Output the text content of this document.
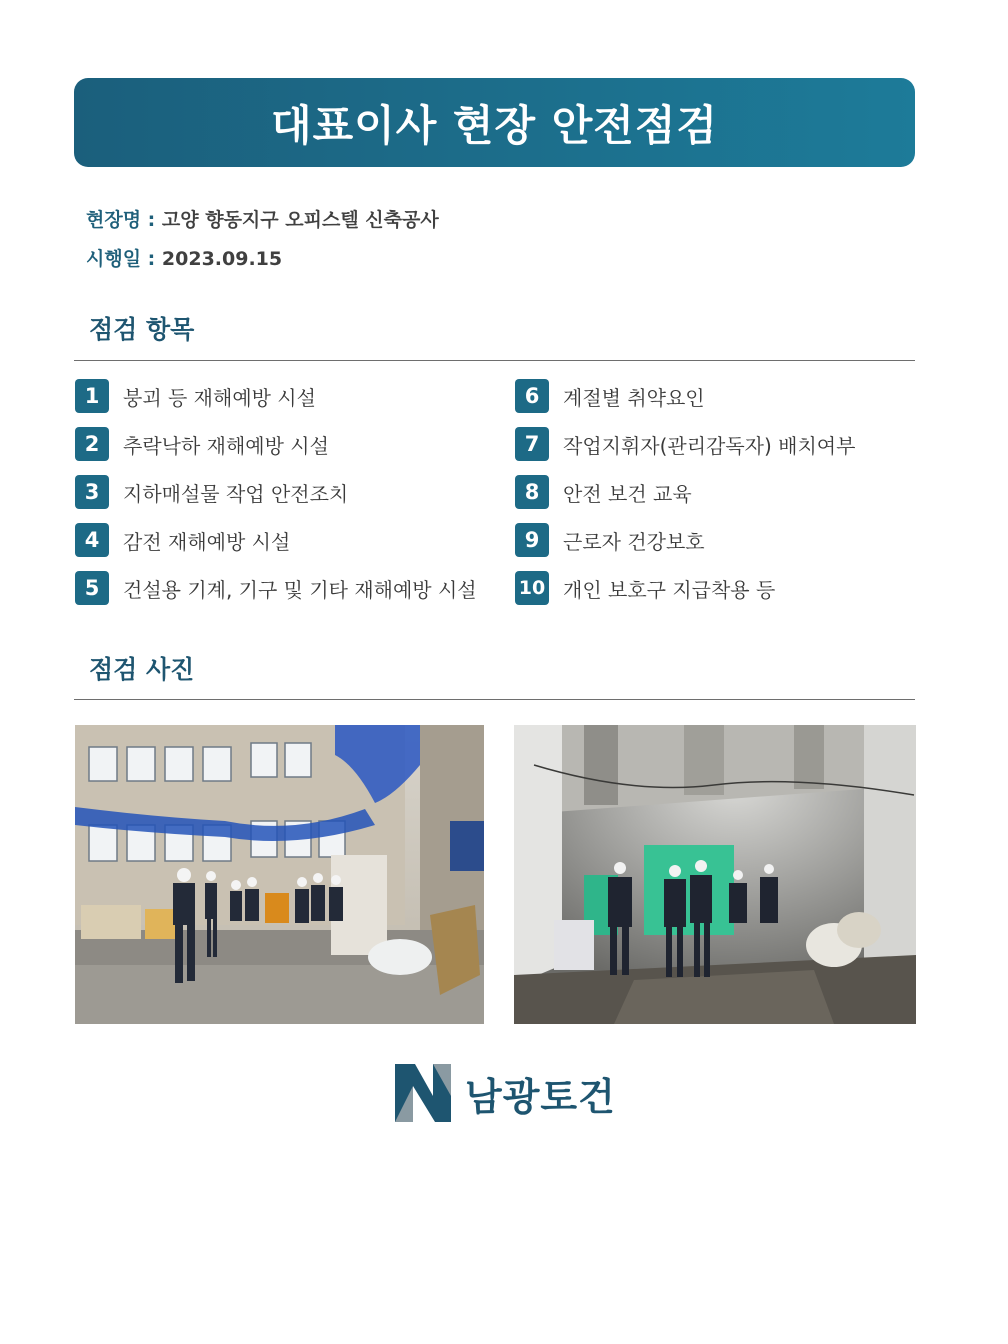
대표이사 현장 안전점검
현장명 : 고양 향동지구 오피스텔 신축공사
시행일 : 2023.09.15
점검 항목
1	붕괴 등 재해예방 시설
2	추락낙하 재해예방 시설
3	지하매설물 작업 안전조치
4	감전 재해예방 시설
5	건설용 기계, 기구 및 기타 재해예방 시설
6	계절별 취약요인
7	작업지휘자(관리감독자) 배치여부
8	안전 보건 교육
9	근로자 건강보호
10 개인 보호구 지급착용 등
점검 사진
남광토건
